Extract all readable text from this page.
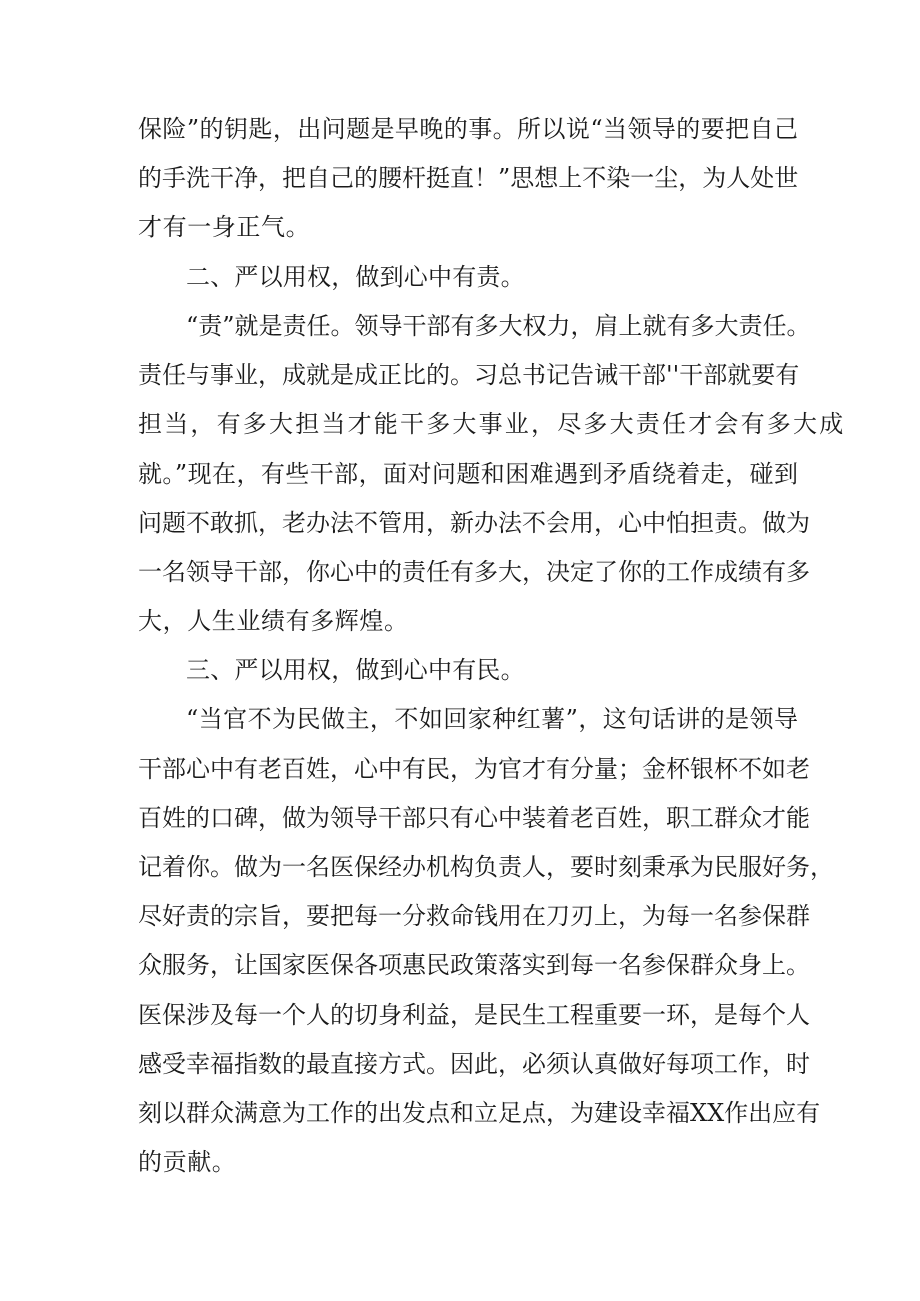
保险”的钥匙，出问题是早晚的事。所以说“当领导的要把自己
的手洗干净，把自己的腰杆挺直！”思想上不染一尘，为人处世
才有一身正气。
二、严以用权，做到心中有责。
“责”就是责任。领导干部有多大权力，肩上就有多大责任。
责任与事业，成就是成正比的。习总书记告诫干部''干部就要有
担当，有多大担当才能干多大事业，尽多大责任才会有多大成
就。”现在，有些干部，面对问题和困难遇到矛盾绕着走，碰到
问题不敢抓，老办法不管用，新办法不会用，心中怕担责。做为
一名领导干部，你心中的责任有多大，决定了你的工作成绩有多
大，人生业绩有多辉煌。
三、严以用权，做到心中有民。
“当官不为民做主，不如回家种红薯”，这句话讲的是领导
干部心中有老百姓，心中有民，为官才有分量；金杯银杯不如老
百姓的口碑，做为领导干部只有心中装着老百姓，职工群众才能
记着你。做为一名医保经办机构负责人，要时刻秉承为民服好务，
尽好责的宗旨，要把每一分救命钱用在刀刃上，为每一名参保群
众服务，让国家医保各项惠民政策落实到每一名参保群众身上。
医保涉及每一个人的切身利益，是民生工程重要一环，是每个人
感受幸福指数的最直接方式。因此，必须认真做好每项工作，时
刻以群众满意为工作的出发点和立足点，为建设幸福XX作出应有
的贡献。
